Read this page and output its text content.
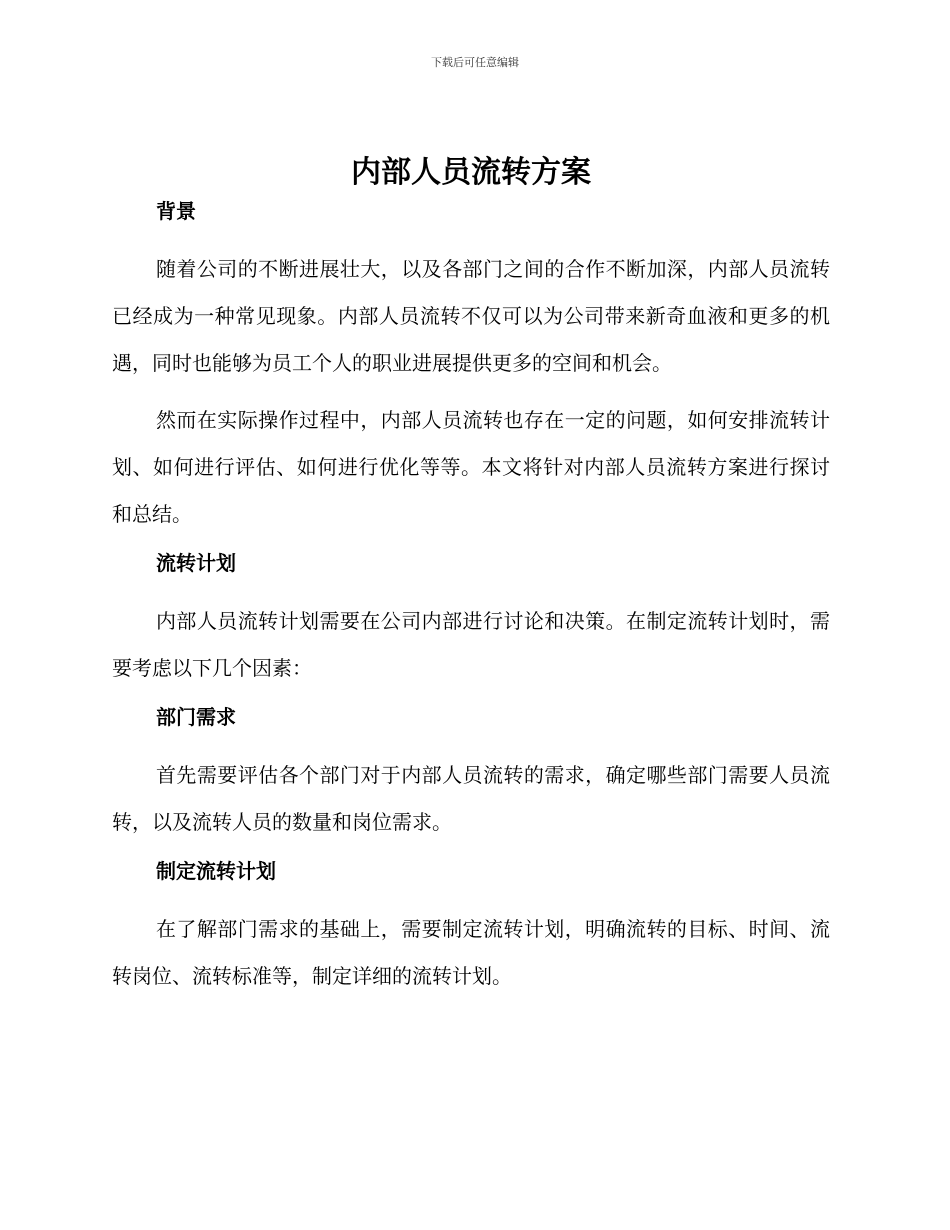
下载后可任意编辑
内部人员流转方案
背景

随着公司的不断进展壮大，以及各部门之间的合作不断加深，内部人员流转已经成为一种常见现象。内部人员流转不仅可以为公司带来新奇血液和更多的机遇，同时也能够为员工个人的职业进展提供更多的空间和机会。

然而在实际操作过程中，内部人员流转也存在一定的问题，如何安排流转计划、如何进行评估、如何进行优化等等。本文将针对内部人员流转方案进行探讨和总结。

流转计划

内部人员流转计划需要在公司内部进行讨论和决策。在制定流转计划时，需要考虑以下几个因素：

部门需求

首先需要评估各个部门对于内部人员流转的需求，确定哪些部门需要人员流转，以及流转人员的数量和岗位需求。

制定流转计划

在了解部门需求的基础上，需要制定流转计划，明确流转的目标、时间、流转岗位、流转标准等，制定详细的流转计划。
